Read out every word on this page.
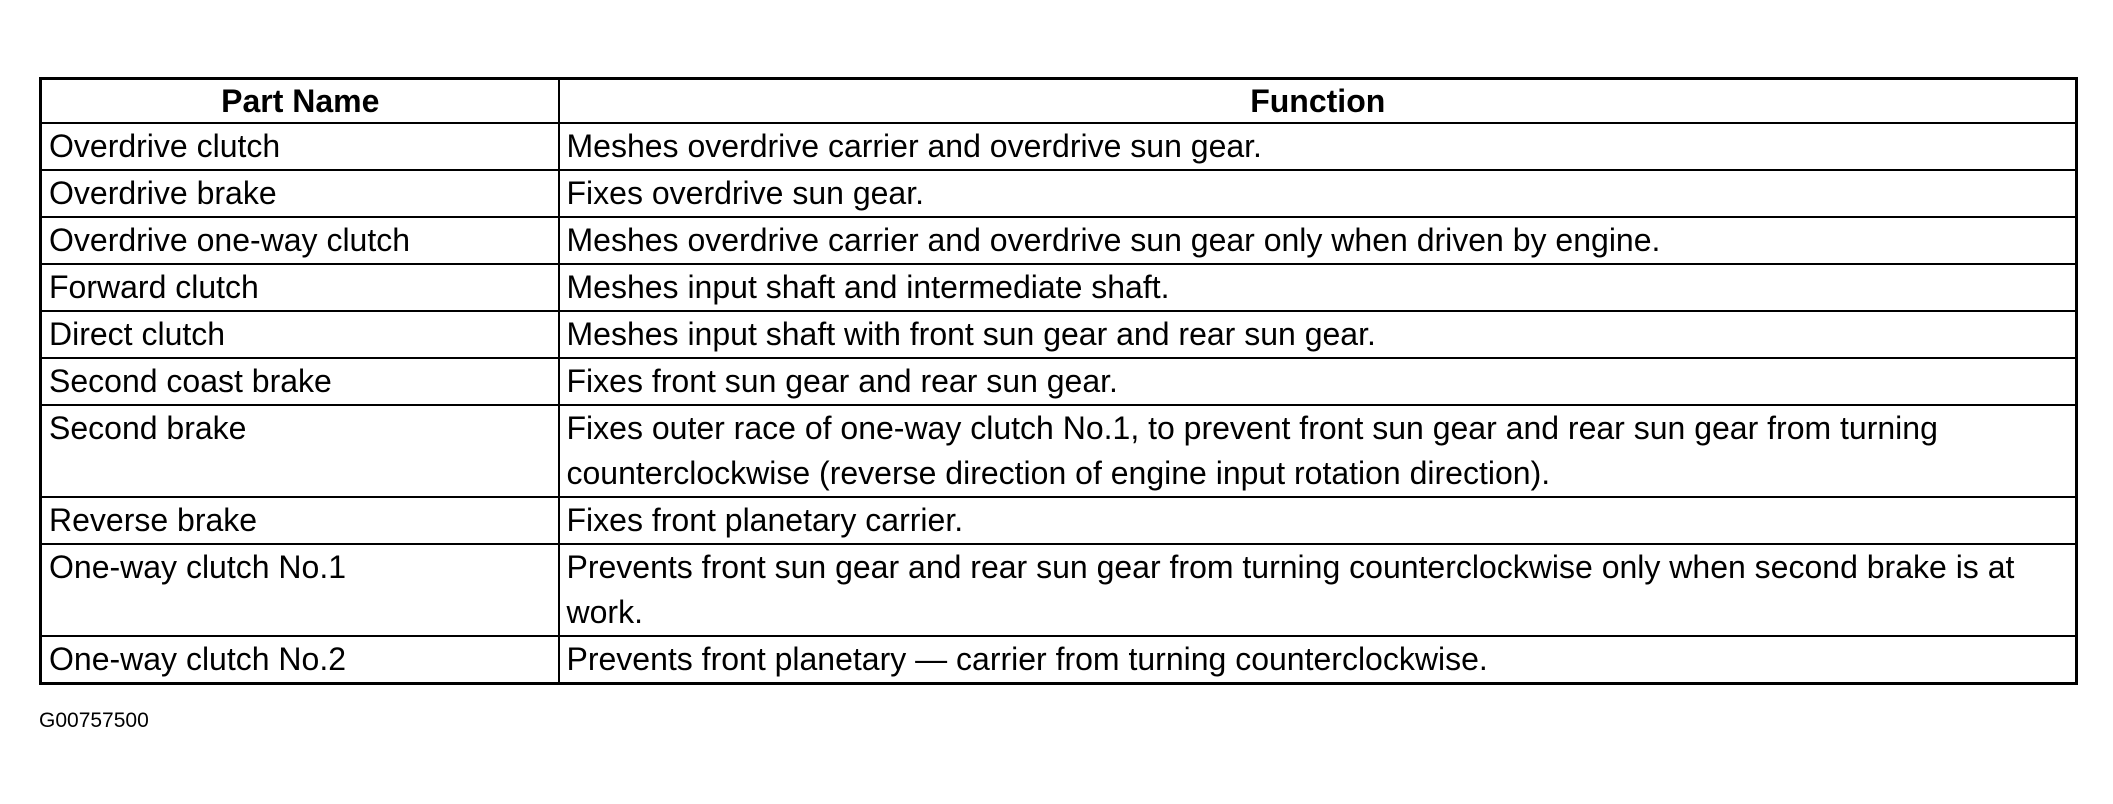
Part Name	Function
Overdrive clutch	Meshes overdrive carrier and overdrive sun gear.
Overdrive brake	Fixes overdrive sun gear.
Overdrive one-way clutch	Meshes overdrive carrier and overdrive sun gear only when driven by engine.
Forward clutch	Meshes input shaft and intermediate shaft.
Direct clutch	Meshes input shaft with front sun gear and rear sun gear.
Second coast brake	Fixes front sun gear and rear sun gear.
Second brake	Fixes outer race of one-way clutch No.1, to prevent front sun gear and rear sun gear from turning counterclockwise (reverse direction of engine input rotation direction).
Reverse brake	Fixes front planetary carrier.
One-way clutch No.1	Prevents front sun gear and rear sun gear from turning counterclockwise only when second brake is at work.
One-way clutch No.2	Prevents front planetary — carrier from turning counterclockwise.
G00757500
